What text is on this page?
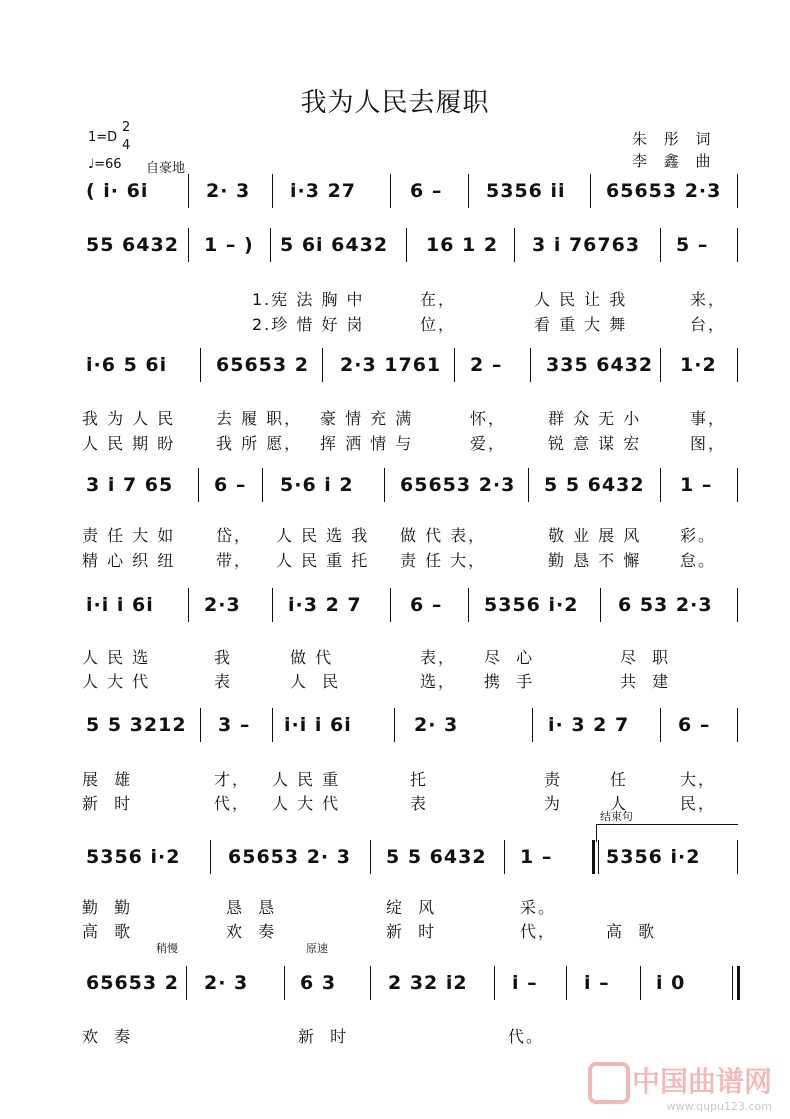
我为人民去履职
1=D
2
4
♩=66 自豪地
朱 彤 词
李 鑫 曲
( i· 6i	2· 3 i·3 27	6 – 5356 ii 65653 2·3
55 6432 1 – ) 5 6i 6432 16 1 2 3 i 76763 5 –
1.宪 法 胸 中	在，	人 民 让 我	来，
2.珍 惜 好 岗	位，	看 重 大 舞	台，
i·6 5 6i	65653 2 2·3 1761 2 – 335 6432 1·2
我 为 人 民	去 履 职， 豪 情 充 满	怀，	群 众 无 小	事，
人 民 期 盼	我 所 愿， 挥 洒 情 与	爱，	锐 意 谋 宏	图，
3 i 7 65 6 – 5·6 i 2 65653 2·3 5 5 6432 1 –
责 任 大 如	岱， 人 民 选 我 做 代 表，	敬 业 展 风 彩。
精 心 织 纽	带， 人 民 重 托 责 任 大，	勤 恳 不 懈 怠。
i·i i 6i	2·3 i·3 2 7	6 – 5356 i·2 6 53 2·3
人 民 选	我	做 代	表， 尽  心	尽  职
人 大 代	表	人  民	选， 携  手	共  建
5 5 3212 3 – i·i i 6i	2· 3	i· 3 2 7	6 –
展  雄	才， 人 民 重	托	责	任	大，
新  时	代， 人 大 代	表	为	人	民，
结束句
5356 i·2	65653 2· 3 5 5 6432 1 –	5356 i·2
勤  勤	恳  恳	绽  风	采。
高  歌	欢  奏	新  时	代，	高  歌
稍慢	原速
65653 2 2· 3	6 3	2 32 i2 i – i – i 0
欢  奏	新  时	代。
中国曲谱网
www.qupu123.com
